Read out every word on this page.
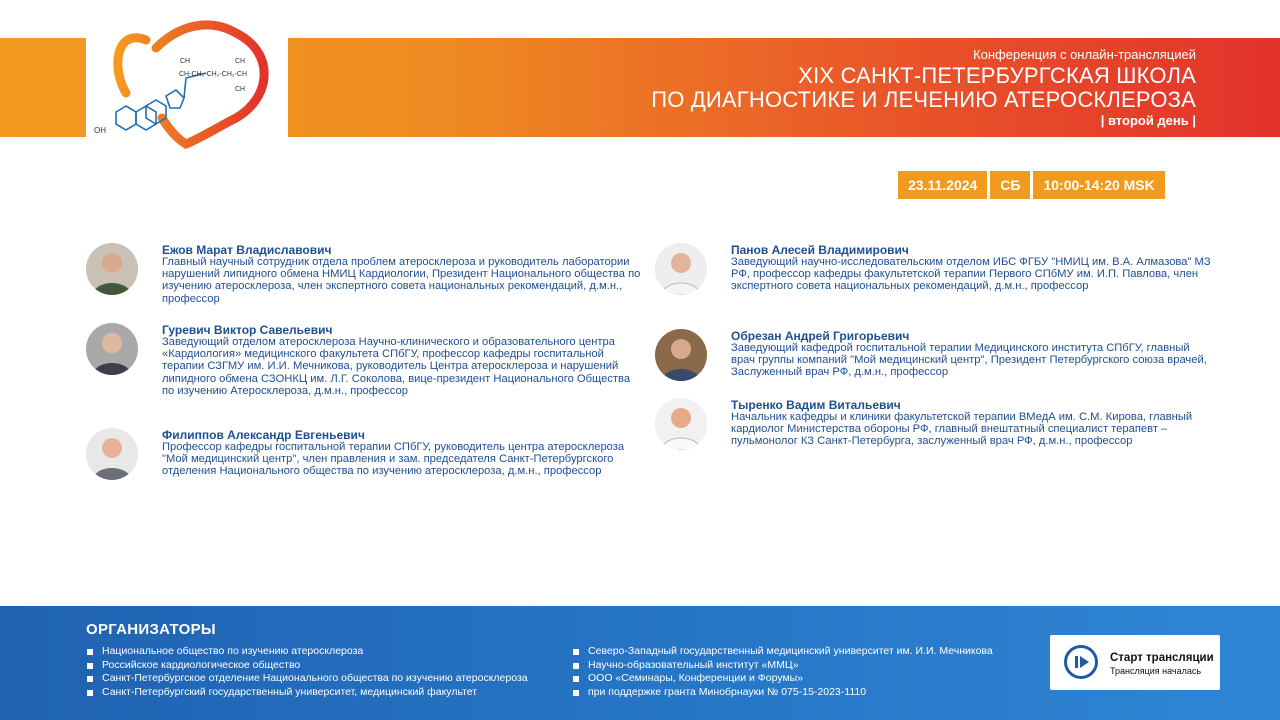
OH
CH
CH-CH₂-CH₂-CH₂-CH
CH
CH
Конференция с онлайн-трансляцией
XIX САНКТ-ПЕТЕРБУРГСКАЯ ШКОЛА
ПО ДИАГНОСТИКЕ И ЛЕЧЕНИЮ АТЕРОСКЛЕРОЗА
| второй день |
23.11.2024	СБ	10:00-14:20 MSK
Ежов Марат Владиславович
Главный научный сотрудник отдела проблем атеросклероза и руководитель лаборатории нарушений липидного обмена НМИЦ Кардиологии, Президент Национального общества по изучению атеросклероза, член экспертного совета национальных рекомендаций, д.м.н., профессор
Гуревич Виктор Савельевич
Заведующий отделом атеросклероза Научно-клинического и образовательного центра «Кардиология» медицинского факультета СПбГУ, профессор кафедры госпитальной терапии СЗГМУ им. И.И. Мечникова, руководитель Центра атеросклероза и нарушений липидного обмена СЗОНКЦ им. Л.Г. Соколова, вице-президент Национального Общества по изучению Атеросклероза, д.м.н., профессор
Филиппов Александр Евгеньевич
Профессор кафедры госпитальной терапии СПбГУ, руководитель центра атеросклероза "Мой медицинский центр", член правления и зам. председателя Санкт-Петербургского отделения Национального общества по изучению атеросклероза, д.м.н., профессор
Панов Алесей Владимирович
Заведующий научно-исследовательским отделом ИБС ФГБУ "НМИЦ им. В.А. Алмазова" МЗ РФ, профессор кафедры факультетской терапии Первого СПбМУ им. И.П. Павлова, член экспертного совета национальных рекомендаций, д.м.н., профессор
Обрезан Андрей Григорьевич
Заведующий кафедрой госпитальной терапии Медицинского института СПбГУ, главный врач группы компаний "Мой медицинский центр", Президент Петербургского союза врачей, Заслуженный врач РФ, д.м.н., профессор
Тыренко Вадим Витальевич
Начальник кафедры и клиники факультетской терапии ВМедА им. С.М. Кирова, главный кардиолог Министерства обороны РФ, главный внештатный специалист терапевт – пульмонолог КЗ Санкт-Петербурга, заслуженный врач РФ, д.м.н., профессор
ОРГАНИЗАТОРЫ
Национальное общество по изучению атеросклероза
Российское кардиологическое общество
Санкт-Петербургское отделение Национального общества по изучению атеросклероза
Санкт-Петербургский государственный университет, медицинский факультет
Северо-Западный государственный медицинский университет им. И.И. Мечникова
Научно-образовательный институт «ММЦ»
ООО «Семинары, Конференции и Форумы»
при поддержке гранта Минобрнауки № 075-15-2023-1110
Старт трансляции
Трансляция началась
